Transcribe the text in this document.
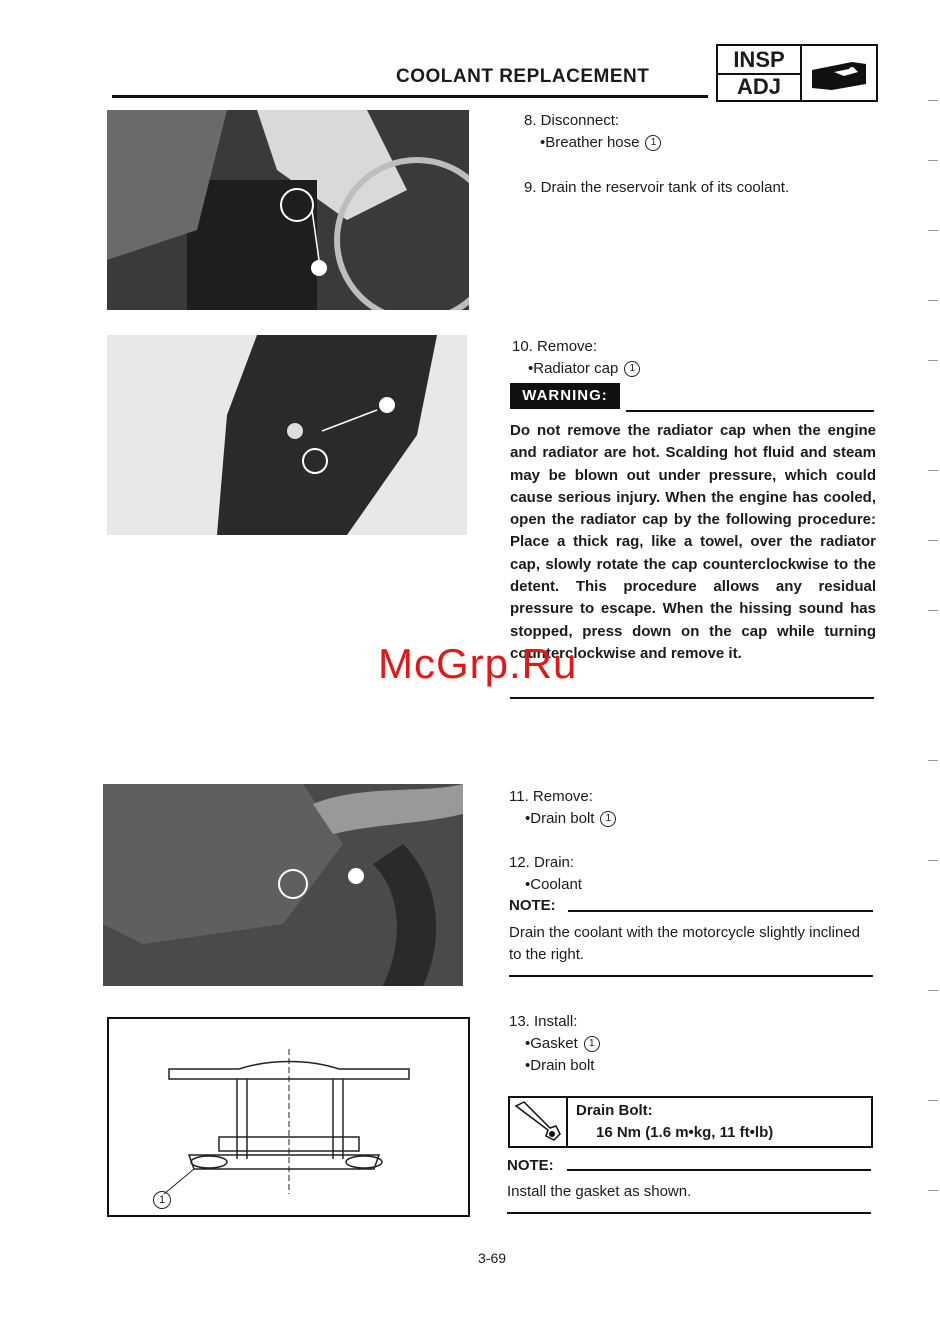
COOLANT REPLACEMENT
INSP
ADJ
1
8. Disconnect:
•Breather hose 1
9. Drain the reservoir tank of its coolant.
10. Remove:
•Radiator cap 1
WARNING:
Do not remove the radiator cap when the engine and radiator are hot. Scalding hot fluid and steam may be blown out under pressure, which could cause serious injury. When the engine has cooled, open the radiator cap by the following procedure: Place a thick rag, like a towel, over the radiator cap, slowly rotate the cap counterclockwise to the detent. This procedure allows any residual pressure to escape. When the hissing sound has stopped, press down on the cap while turning counterclockwise and remove it.
McGrp.Ru
11. Remove:
•Drain bolt 1
12. Drain:
•Coolant
NOTE:
Drain the coolant with the motorcycle slightly inclined to the right.
13. Install:
•Gasket 1
•Drain bolt
Drain Bolt:
16 Nm (1.6 m•kg, 11 ft•lb)
NOTE:
Install the gasket as shown.
3-69
